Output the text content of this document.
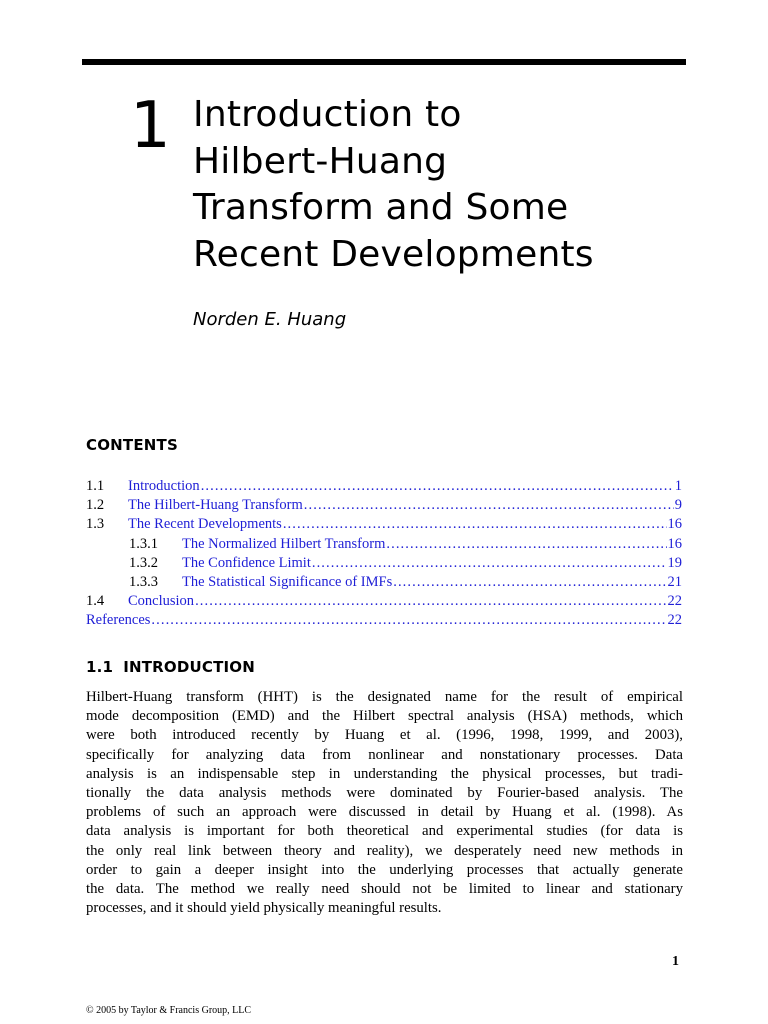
1 Introduction to
Hilbert-Huang
Transform and Some
Recent Developments
Norden E. Huang
CONTENTS
1.1	Introduction .....	1
1.2	The Hilbert-Huang Transform .....	9
1.3	The Recent Developments .....	16
1.3.1	The Normalized Hilbert Transform .....	16
1.3.2	The Confidence Limit .....	19
1.3.3	The Statistical Significance of IMFs .....	21
1.4	Conclusion .....	22
References .....	22
1.1 INTRODUCTION

Hilbert-Huang transform (HHT) is the designated name for the result of empirical
mode decomposition (EMD) and the Hilbert spectral analysis (HSA) methods, which
were both introduced recently by Huang et al. (1996, 1998, 1999, and 2003),
specifically for analyzing data from nonlinear and nonstationary processes. Data
analysis is an indispensable step in understanding the physical processes, but tradi-
tionally the data analysis methods were dominated by Fourier-based analysis. The
problems of such an approach were discussed in detail by Huang et al. (1998). As
data analysis is important for both theoretical and experimental studies (for data is
the only real link between theory and reality), we desperately need new methods in
order to gain a deeper insight into the underlying processes that actually generate
the data. The method we really need should not be limited to linear and stationary
processes, and it should yield physically meaningful results.

1
© 2005 by Taylor & Francis Group, LLC
